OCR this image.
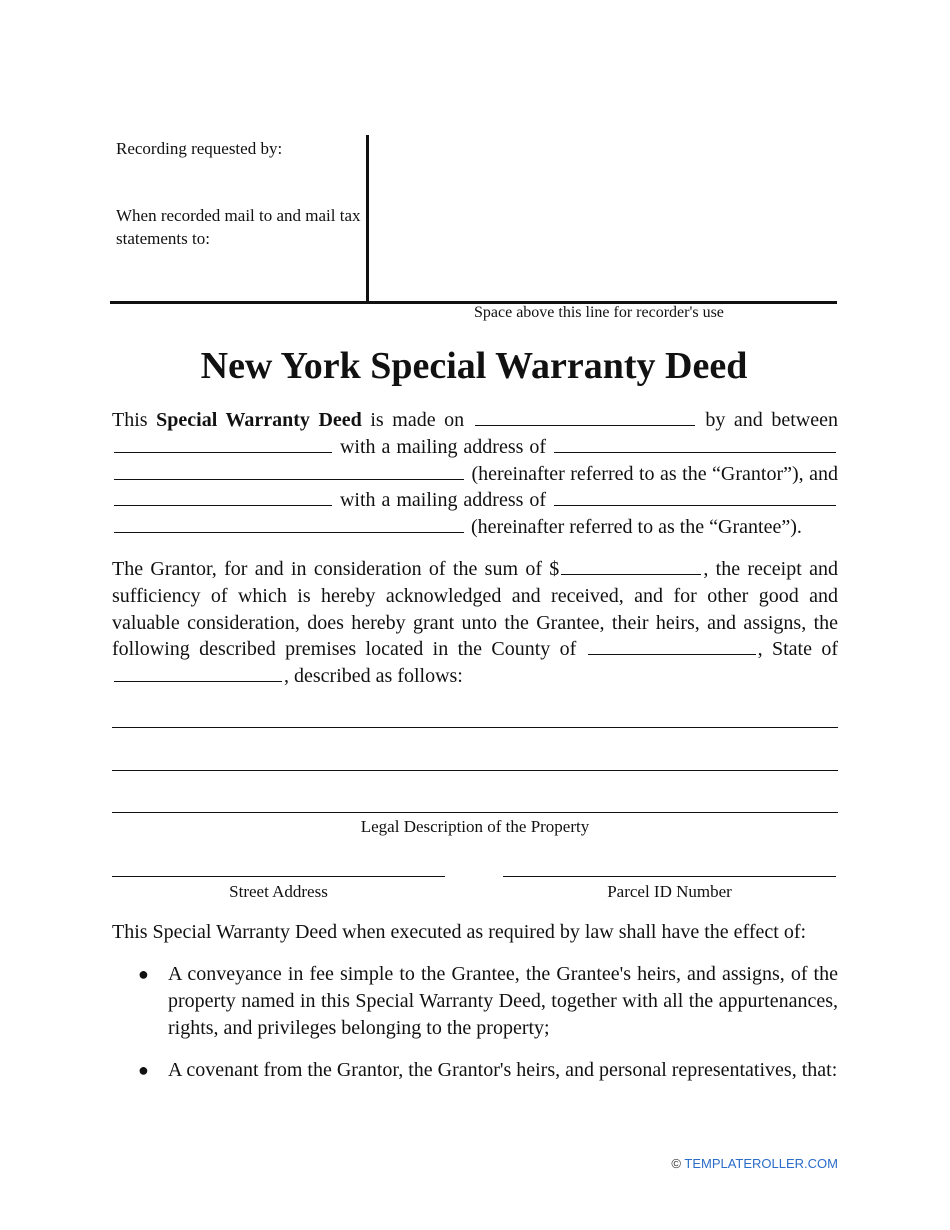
Recording requested by:
When recorded mail to and mail tax statements to:
Space above this line for recorder's use
New York Special Warranty Deed
This Special Warranty Deed is made on	by and between  with a mailing address of   (hereinafter referred to as the “Grantor”), and  with a mailing address of   (hereinafter referred to as the “Grantee”).
The Grantor, for and in consideration of the sum of $	, the receipt and sufficiency of which is hereby acknowledged and received, and for other good and valuable consideration, does hereby grant unto the Grantee, their heirs, and assigns, the following described premises located in the County of	, State of , described as follows:
Legal Description of the Property
Street Address	Parcel ID Number
This Special Warranty Deed when executed as required by law shall have the effect of:
● A conveyance in fee simple to the Grantee, the Grantee's heirs, and assigns, of the property named in this Special Warranty Deed, together with all the appurtenances, rights, and privileges belonging to the property;
● A covenant from the Grantor, the Grantor's heirs, and personal representatives, that:
© TEMPLATEROLLER.COM
